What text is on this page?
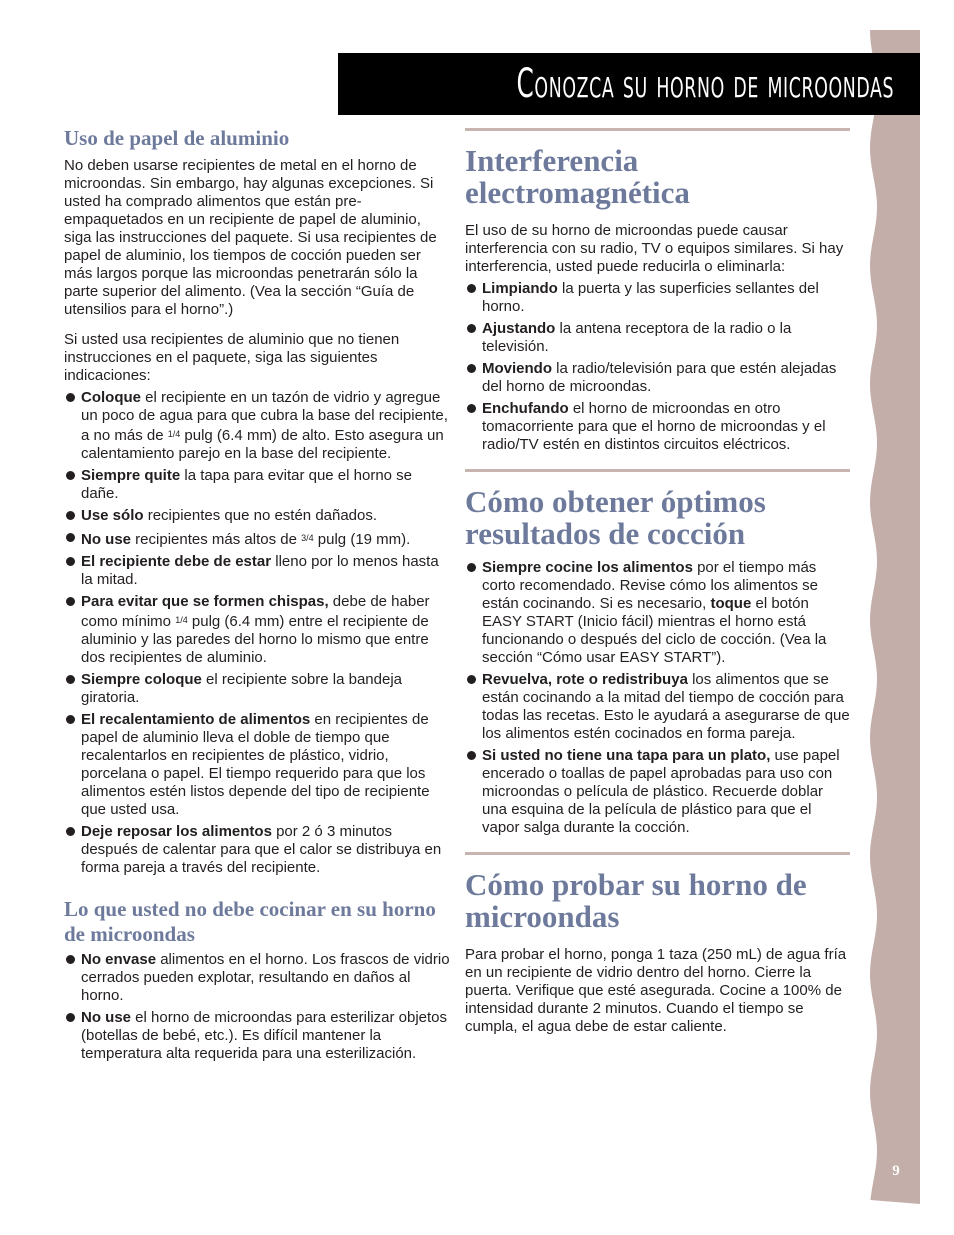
Conozca su horno de microondas
Uso de papel de aluminio

No deben usarse recipientes de metal en el horno de microondas. Sin embargo, hay algunas excepciones. Si usted ha comprado alimentos que están pre-empaquetados en un recipiente de papel de aluminio, siga las instrucciones del paquete. Si usa recipientes de papel de aluminio, los tiempos de cocción pueden ser más largos porque las microondas penetrarán sólo la parte superior del alimento. (Vea la sección “Guía de utensilios para el horno”.)

Si usted usa recipientes de aluminio que no tienen instrucciones en el paquete, siga las siguientes indicaciones:

Coloque el recipiente en un tazón de vidrio y agregue un poco de agua para que cubra la base del recipiente, a no más de $^{1/4}$ pulg (6.4 mm) de alto. Esto asegura un calentamiento parejo en la base del recipiente.
Siempre quite la tapa para evitar que el horno se dañe.
Use sólo recipientes que no estén dañados.
No use recipientes más altos de $^{3/4}$ pulg (19 mm).
El recipiente debe de estar lleno por lo menos hasta la mitad.
Para evitar que se formen chispas, debe de haber como mínimo $^{1/4}$ pulg (6.4 mm) entre el recipiente de aluminio y las paredes del horno lo mismo que entre dos recipientes de aluminio.
Siempre coloque el recipiente sobre la bandeja giratoria.
El recalentamiento de alimentos en recipientes de papel de aluminio lleva el doble de tiempo que recalentarlos en recipientes de plástico, vidrio, porcelana o papel. El tiempo requerido para que los alimentos estén listos depende del tipo de recipiente que usted usa.
Deje reposar los alimentos por 2 ó 3 minutos después de calentar para que el calor se distribuya en forma pareja a través del recipiente.
Lo que usted no debe cocinar en su horno de microondas
No envase alimentos en el horno. Los frascos de vidrio cerrados pueden explotar, resultando en daños al horno.
No use el horno de microondas para esterilizar objetos (botellas de bebé, etc.). Es difícil mantener la temperatura alta requerida para una esterilización.
Interferencia electromagnética

El uso de su horno de microondas puede causar interferencia con su radio, TV o equipos similares. Si hay interferencia, usted puede reducirla o eliminarla:

Limpiando la puerta y las superficies sellantes del horno.
Ajustando la antena receptora de la radio o la televisión.
Moviendo la radio/televisión para que estén alejadas del horno de microondas.
Enchufando el horno de microondas en otro tomacorriente para que el horno de microondas y el radio/TV estén en distintos circuitos eléctricos.
Cómo obtener óptimos resultados de cocción
Siempre cocine los alimentos por el tiempo más corto recomendado. Revise cómo los alimentos se están cocinando. Si es necesario, toque el botón EASY START (Inicio fácil) mientras el horno está funcionando o después del ciclo de cocción. (Vea la sección “Cómo usar EASY START”).
Revuelva, rote o redistribuya los alimentos que se están cocinando a la mitad del tiempo de cocción para todas las recetas. Esto le ayudará a asegurarse de que los alimentos estén cocinados en forma pareja.
Si usted no tiene una tapa para un plato, use papel encerado o toallas de papel aprobadas para uso con microondas o película de plástico. Recuerde doblar una esquina de la película de plástico para que el vapor salga durante la cocción.
Cómo probar su horno de microondas

Para probar el horno, ponga 1 taza (250 mL) de agua fría en un recipiente de vidrio dentro del horno. Cierre la puerta. Verifique que esté asegurada. Cocine a 100% de intensidad durante 2 minutos. Cuando el tiempo se cumpla, el agua debe de estar caliente.

9
